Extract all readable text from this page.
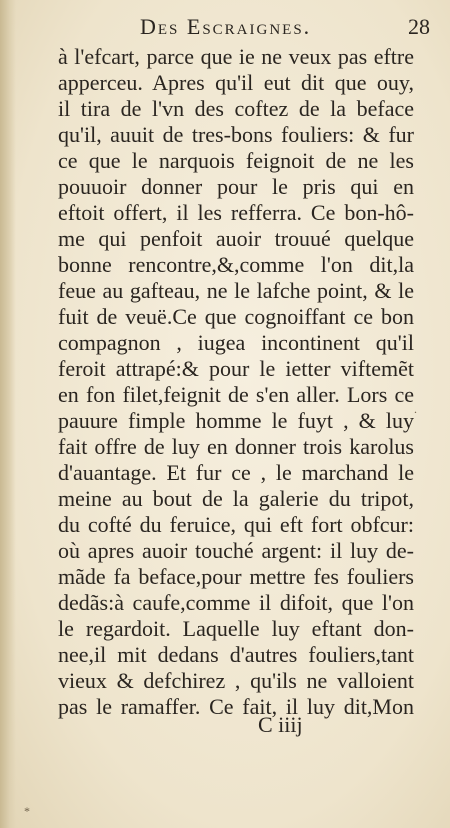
Des Escraignes.	28
à l'efcart, parce que ie ne veux pas eftre
apperceu. Apres qu'il eut dit que ouy,
il tira de l'vn des coftez de la befaсe
qu'il, auuit de tres-bons fouliers: & fur
ce que le narquois feignoit de ne les
pouuoir donner pour le pris qui en
eftoit offert, il les refferra. Ce bon-hô-
me qui penfoit auoir trouué quelque
bonne rencontre,&,comme l'on dit,la
feue au gafteau, ne le lafche point, & le
fuit de veuë.Ce que cognoiffant ce bon
compagnon , iugea incontinent qu'il
feroit attrapé:& pour le ietter viftemẽt
en fon filet,feignit de s'en aller. Lors ce
pauure fimple homme le fuyt , & luy
fait offre de luy en donner trois karolus
d'auantage. Et fur ce , le marchand le
meine au bout de la galerie du tripot,
du cofté du feruice, qui eft fort obfcur:
où apres auoir touché argent: il luy de-
mãde fa befaсe,pour mettre fes fouliers
dedãs:à caufe,comme il difoit, que l'on
le regardoit. Laquelle luy eftant don-
nee,il mit dedans d'autres fouliers,tant
vieux & defchirez , qu'ils ne valloient
pas le ramaffer. Ce fait, il luy dit,Mon
C iiij
.
*
